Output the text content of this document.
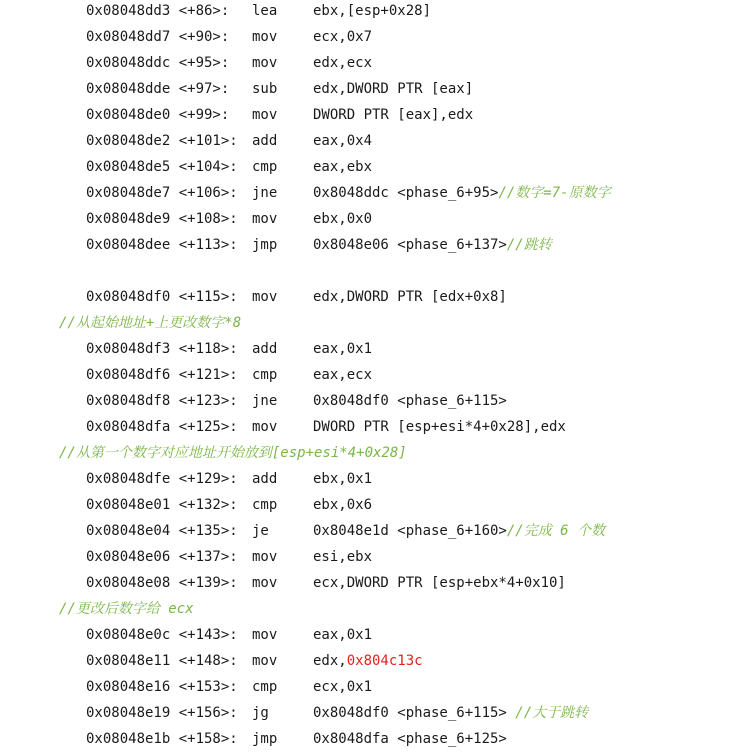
0x08048dd3 <+86>: lea	ebx,[esp+0x28]
0x08048dd7 <+90>: mov	ecx,0x7
0x08048ddc <+95>: mov	edx,ecx
0x08048dde <+97>: sub	edx,DWORD PTR [eax]
0x08048de0 <+99>: mov	DWORD PTR [eax],edx
0x08048de2 <+101>: add	eax,0x4
0x08048de5 <+104>: cmp	eax,ebx
0x08048de7 <+106>: jne	0x8048ddc <phase_6+95>//数字=7-原数字
0x08048de9 <+108>: mov	ebx,0x0
0x08048dee <+113>: jmp	0x8048e06 <phase_6+137>//跳转
0x08048df0 <+115>: mov	edx,DWORD PTR [edx+0x8]
//从起始地址+上更改数字*8
0x08048df3 <+118>: add	eax,0x1
0x08048df6 <+121>: cmp	eax,ecx
0x08048df8 <+123>: jne	0x8048df0 <phase_6+115>
0x08048dfa <+125>: mov	DWORD PTR [esp+esi*4+0x28],edx
//从第一个数字对应地址开始放到[esp+esi*4+0x28]
0x08048dfe <+129>: add	ebx,0x1
0x08048e01 <+132>: cmp	ebx,0x6
0x08048e04 <+135>: je	0x8048e1d <phase_6+160>//完成 6 个数
0x08048e06 <+137>: mov	esi,ebx
0x08048e08 <+139>: mov	ecx,DWORD PTR [esp+ebx*4+0x10]
//更改后数字给 ecx
0x08048e0c <+143>: mov	eax,0x1
0x08048e11 <+148>: mov	edx,0x804c13c
0x08048e16 <+153>: cmp	ecx,0x1
0x08048e19 <+156>: jg	0x8048df0 <phase_6+115> //大于跳转
0x08048e1b <+158>: jmp	0x8048dfa <phase_6+125>
